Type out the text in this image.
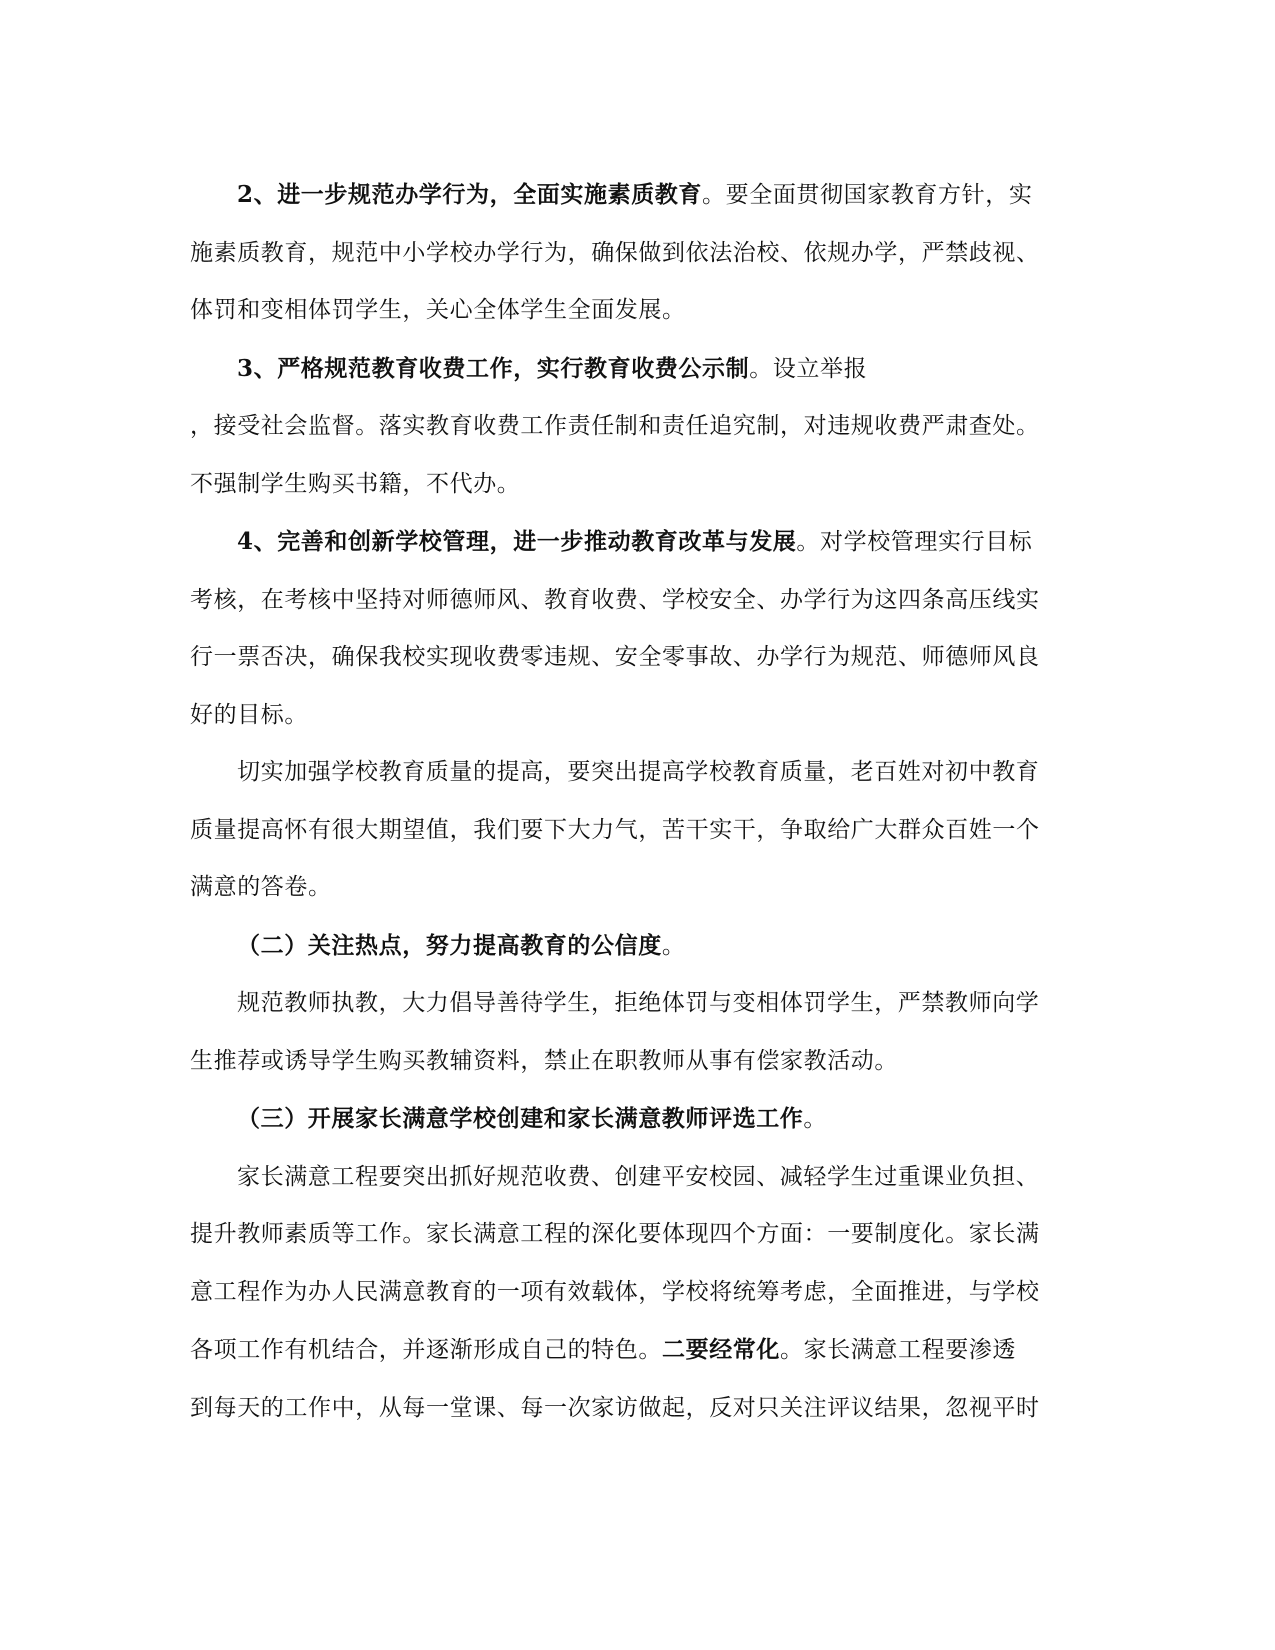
2、进一步规范办学行为，全面实施素质教育。要全面贯彻国家教育方针，实
施素质教育，规范中小学校办学行为，确保做到依法治校、依规办学，严禁歧视、
体罚和变相体罚学生，关心全体学生全面发展。

3、严格规范教育收费工作，实行教育收费公示制。设立举报
，接受社会监督。落实教育收费工作责任制和责任追究制，对违规收费严肃查处。
不强制学生购买书籍，不代办。

4、完善和创新学校管理，进一步推动教育改革与发展。对学校管理实行目标
考核，在考核中坚持对师德师风、教育收费、学校安全、办学行为这四条高压线实
行一票否决，确保我校实现收费零违规、安全零事故、办学行为规范、师德师风良
好的目标。

切实加强学校教育质量的提高，要突出提高学校教育质量，老百姓对初中教育
质量提高怀有很大期望值，我们要下大力气，苦干实干，争取给广大群众百姓一个
满意的答卷。

（二）关注热点，努力提高教育的公信度。

规范教师执教，大力倡导善待学生，拒绝体罚与变相体罚学生，严禁教师向学
生推荐或诱导学生购买教辅资料，禁止在职教师从事有偿家教活动。

（三）开展家长满意学校创建和家长满意教师评选工作。

家长满意工程要突出抓好规范收费、创建平安校园、减轻学生过重课业负担、
提升教师素质等工作。家长满意工程的深化要体现四个方面：一要制度化。家长满
意工程作为办人民满意教育的一项有效载体，学校将统筹考虑，全面推进，与学校
各项工作有机结合，并逐渐形成自己的特色。二要经常化。家长满意工程要渗透
到每天的工作中，从每一堂课、每一次家访做起，反对只关注评议结果，忽视平时
